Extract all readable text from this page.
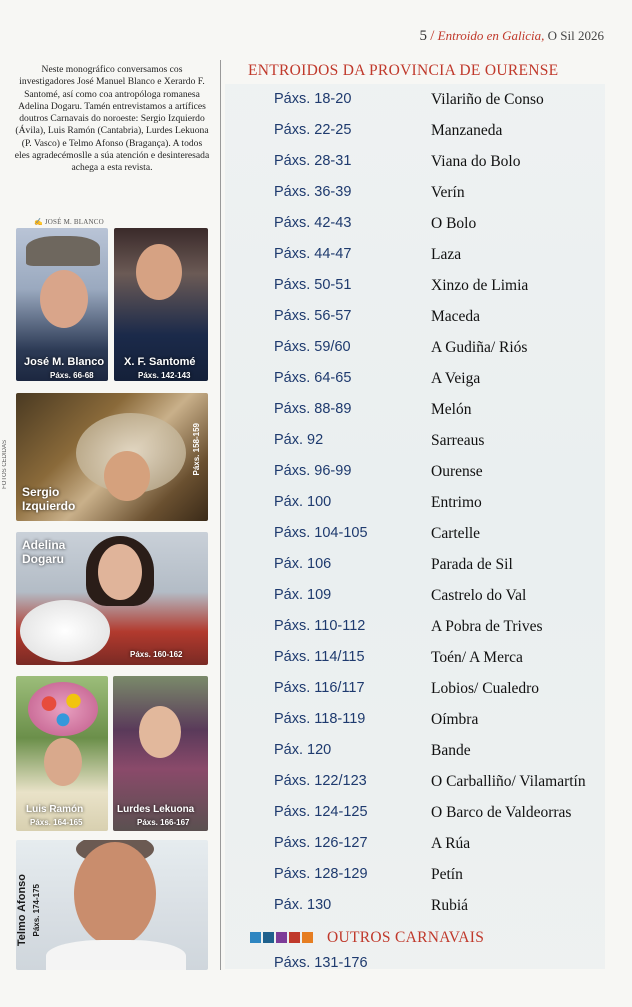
5 / Entroido en Galicia, O Sil 2026
Neste monográfico conversamos cos investigadores José Manuel Blanco e Xerardo F. Santomé, así como coa antropóloga romanesa Adelina Dogaru. Tamén entrevistamos a artífices doutros Carnavais do noroeste: Sergio Izquierdo (Ávila), Luis Ramón (Cantabria), Lurdes Lekuona (P. Vasco) e Telmo Afonso (Bragança). A todos eles agradecémoslle a súa atención e desinteresada achega a esta revista.
✍ JOSÉ M. BLANCO
FOTOS CEDIDAS
José M. Blanco
Páxs. 66-68
X. F. Santomé
Páxs. 142-143
Sergio
Izquierdo
Páxs. 158-159
Adelina
Dogaru
Páxs. 160-162
Luis Ramón
Páxs. 164-165
Lurdes Lekuona
Páxs. 166-167
Telmo Afonso Páxs. 174-175
ENTROIDOS DA PROVINCIA DE OURENSE
Páxs. 18-20	Vilariño de Conso
Páxs. 22-25	Manzaneda
Páxs. 28-31	Viana do Bolo
Páxs. 36-39	Verín
Páxs. 42-43	O Bolo
Páxs. 44-47	Laza
Páxs. 50-51	Xinzo de Limia
Páxs. 56-57	Maceda
Páxs. 59/60	A Gudiña/ Riós
Páxs. 64-65	A Veiga
Páxs. 88-89	Melón
Páx. 92	Sarreaus
Páxs. 96-99	Ourense
Páx. 100	Entrimo
Páxs. 104-105	Cartelle
Páx. 106	Parada de Sil
Páx. 109	Castrelo do Val
Páxs. 110-112	A Pobra de Trives
Páxs. 114/115	Toén/ A Merca
Páxs. 116/117	Lobios/ Cualedro
Páxs. 118-119	Oímbra
Páx. 120	Bande
Páxs. 122/123	O Carballiño/ Vilamartín
Páxs. 124-125	O Barco de Valdeorras
Páxs. 126-127	A Rúa
Páxs. 128-129	Petín
Páx. 130	Rubiá
OUTROS CARNAVAIS
Páxs. 131-176
